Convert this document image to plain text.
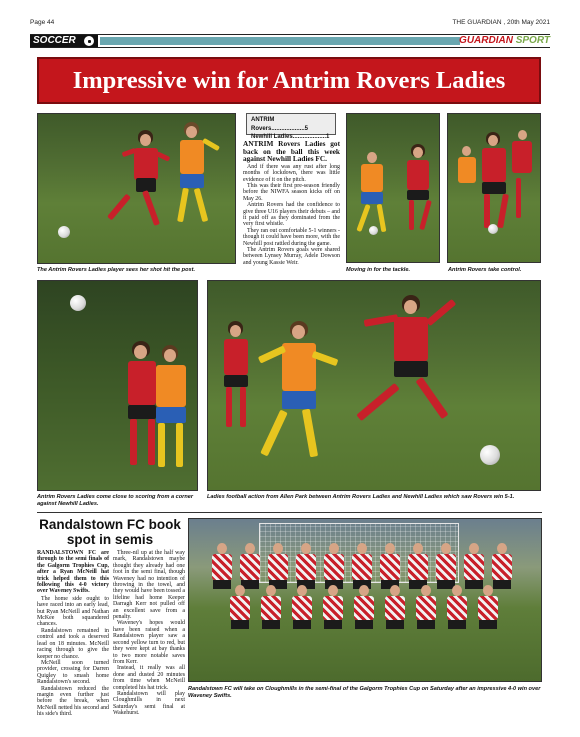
Page 44	THE GUARDIAN , 20th May 2021
SOCCER	GUARDIAN SPORT
Impressive win for Antrim Rovers Ladies
The Antrim Rovers Ladies player sees her shot hit the post.
ANTRIM Rovers....................5
Newhill Ladies....................1

ANTRIM Rovers Ladies got back on the ball this week against Newhill Ladies FC.

And if there was any rust after long months of lockdown, there was little evidence of it on the pitch.

This was their first pre-season friendly before the NIWFA season kicks off on May 26.

Antrim Rovers had the confidence to give three U16 players their debuts – and it paid off as they dominated from the very first whistle.

They ran out comfortable 5-1 winners - though it could have been more, with the Newhill post rattled during the game.

The Antrim Rovers goals were shared between Lynsey Murray, Adele Dowson and young Kassie Weir.

Moving in for the tackle.	Antrim Rovers take control.
Antrim Rovers Ladies come close to scoring from a corner against Newhill Ladies.
Ladies football action from Allen Park between Antrim Rovers Ladies and Newhill Ladies which saw Rovers win 5-1.
Randalstown FC book spot in semis

RANDALSTOWN FC are through to the semi finals of the Galgorm Trophies Cup, after a Ryan McNeill hat trick helped them to this following this 4-0 victory over Waveney Swifts.

The home side ought to have raced into an early lead, but Ryan McNeill and Nathan McKee both squandered chances.

Randalstown remained in control and took a deserved lead on 18 minutes. McNeill racing through to give the keeper no chance.

McNeill soon turned provider, crossing for Darren Quigley to smash home Randalstown's second.

Randalstown reduced the margin even further just before the break, when McNeill netted his second and his side's third.

Three-nil up at the half way mark, Randalstown maybe thought they already had one foot in the semi final, though Waveney had no intention of throwing in the towel, and they would have been tossed a lifeline had home Keeper Darragh Kerr not pulled off an excellent save from a penalty.

Waveney's hopes would have been raised when a Randalstown player saw a second yellow turn to red, but they were kept at bay thanks to two more notable saves from Kerr.

Instead, it really was all done and dusted 20 minutes from time when McNeill completed his hat trick.

Randalstown will play Cloughmills in next Saturday's semi final at Wakehurst.

Randalstown FC will take on Cloughmills in the semi-final of the Galgorm Trophies Cup on Saturday after an impressive 4-0 win over Waveney Swifts.
